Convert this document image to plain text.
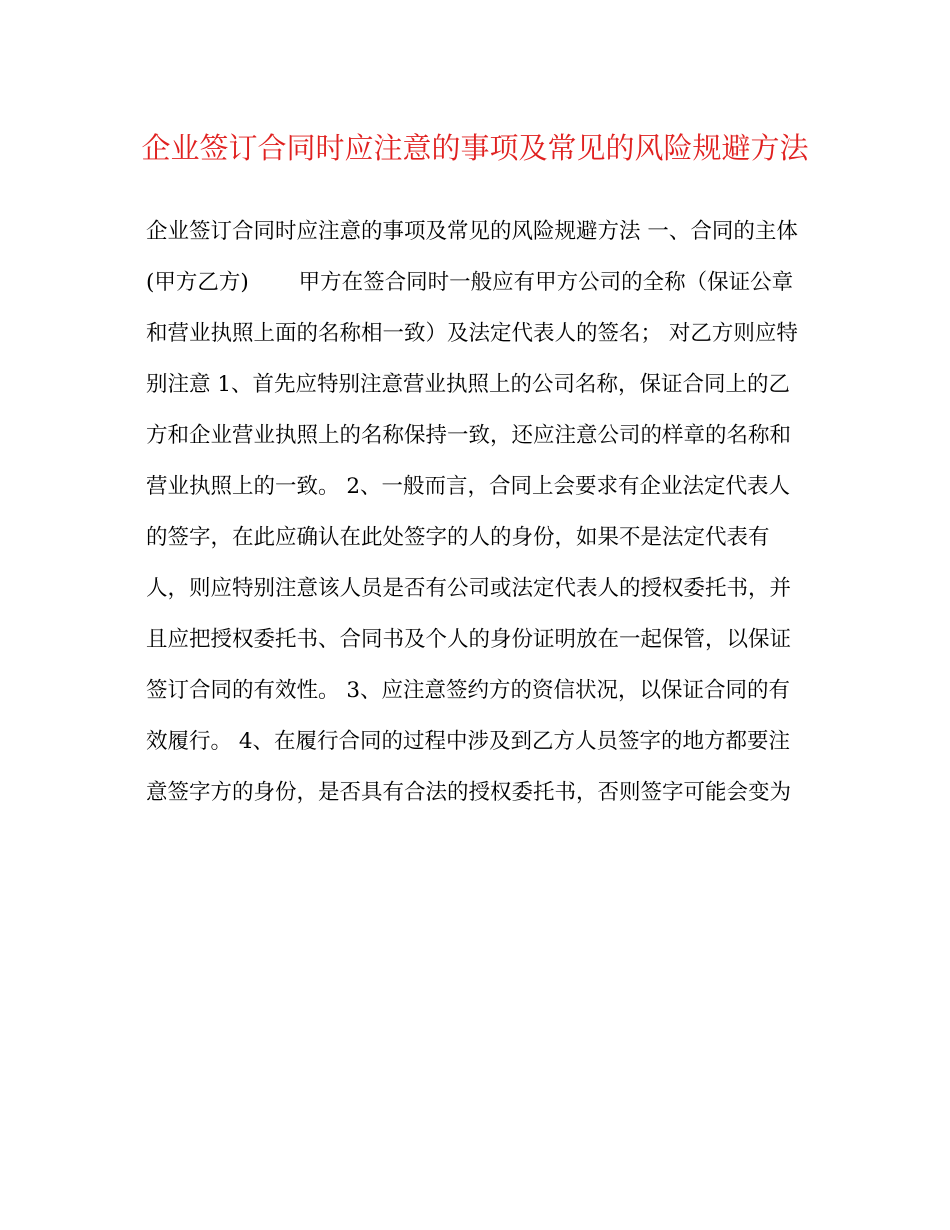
企业签订合同时应注意的事项及常见的风险规避方法
企业签订合同时应注意的事项及常见的风险规避方法 一、合同的主体
(甲方乙方)　　 甲方在签合同时一般应有甲方公司的全称（保证公章
和营业执照上面的名称相一致）及法定代表人的签名； 对乙方则应特
别注意 1、首先应特别注意营业执照上的公司名称，保证合同上的乙
方和企业营业执照上的名称保持一致，还应注意公司的样章的名称和
营业执照上的一致。 2、一般而言，合同上会要求有企业法定代表人
的签字，在此应确认在此处签字的人的身份，如果不是法定代表有
人，则应特别注意该人员是否有公司或法定代表人的授权委托书，并
且应把授权委托书、合同书及个人的身份证明放在一起保管，以保证
签订合同的有效性。 3、应注意签约方的资信状况，以保证合同的有
效履行。 4、在履行合同的过程中涉及到乙方人员签字的地方都要注
意签字方的身份，是否具有合法的授权委托书，否则签字可能会变为
